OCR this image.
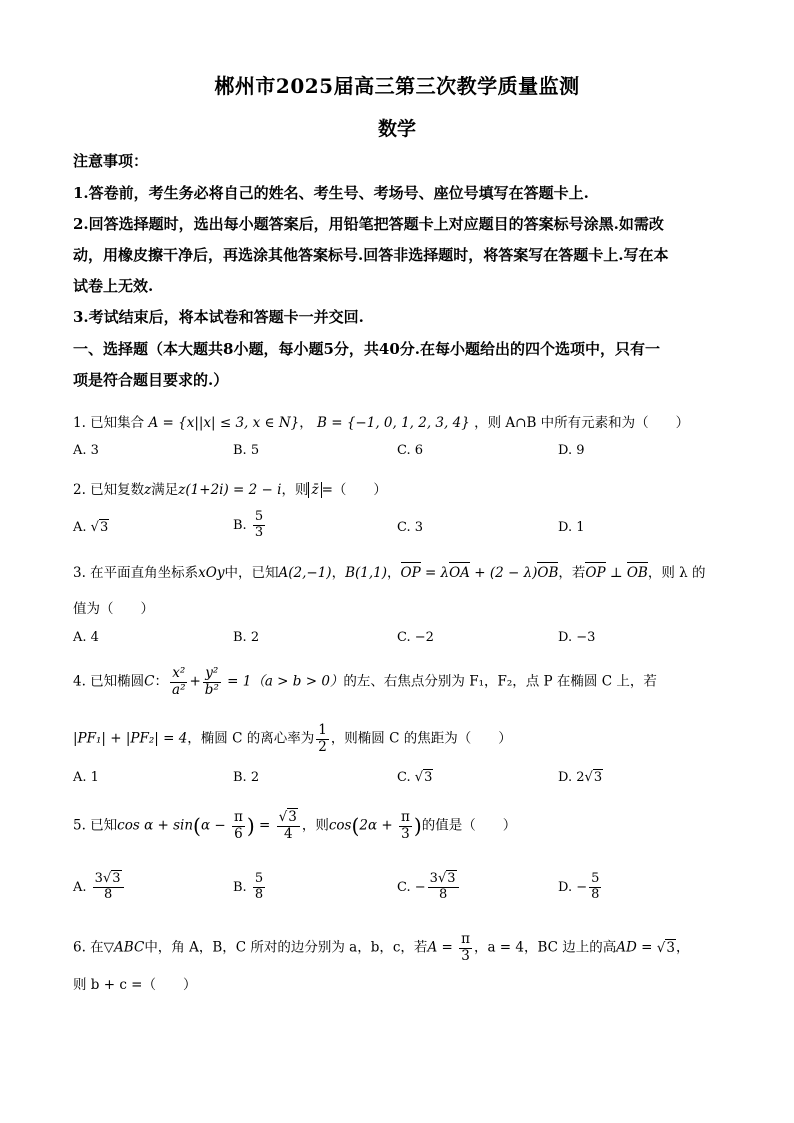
郴州市2025届高三第三次教学质量监测
数学
注意事项：
1.答卷前，考生务必将自己的姓名、考生号、考场号、座位号填写在答题卡上.
2.回答选择题时，选出每小题答案后，用铅笔把答题卡上对应题目的答案标号涂黑.如需改
动，用橡皮擦干净后，再选涂其他答案标号.回答非选择题时，将答案写在答题卡上.写在本
试卷上无效.
3.考试结束后，将本试卷和答题卡一并交回.
一、选择题（本大题共8小题，每小题5分，共40分.在每小题给出的四个选项中，只有一
项是符合题目要求的.）
1. 已知集合 A = {x||x| ≤ 3, x ∈ N}， B = {−1, 0, 1, 2, 3, 4} ，则 A∩B 中所有元素和为（　　）
A. 3	B. 5	C. 6	D. 9
2. 已知复数z满足z(1+2i) = 2 − i，则 z̄ =（　　）
A. √3	B. $\frac{5}{3}$	C. 3	D. 1
3. 在平面直角坐标系xOy中，已知A(2,−1)，B(1,1)，OP = λOA + (2 − λ)OB，若OP ⊥ OB，则 λ 的
值为（　　）
A. 4	B. 2	C. −2	D. −3
4. 已知椭圆C： $\frac{\text{x²}}{\text{a²}} + \frac{\text{y²}}{\text{b²}} = 1(a > b > 0)$的左、右焦点分别为 F₁，F₂，点 P 在椭圆 C 上，若
|PF₁| + |PF₂| = 4，椭圆 C 的离心率为 $\frac{1}{2}$ ，则椭圆 C 的焦距为（　　）
A. 1	B. 2	C. √3	D. 2√3
5. 已知$\cos \alpha + \sin(\alpha - \frac{\pi}{6}$ ) = $\frac{√3}{4}$ ，则$\cos(2\alpha + \frac{\pi}{3}$ )的值是（　　）
A. $\frac{3√3}{8}$	B. $\frac{5}{8}$	C. − $\frac{3√3}{8}$	D. − $\frac{5}{8}$
6. 在▽ABC中，角 A，B，C 所对的边分别为 a，b，c，若$A = \frac{\pi}{3}$ ，a = 4，BC 边上的高AD = √3，
则 b + c =（　　）
